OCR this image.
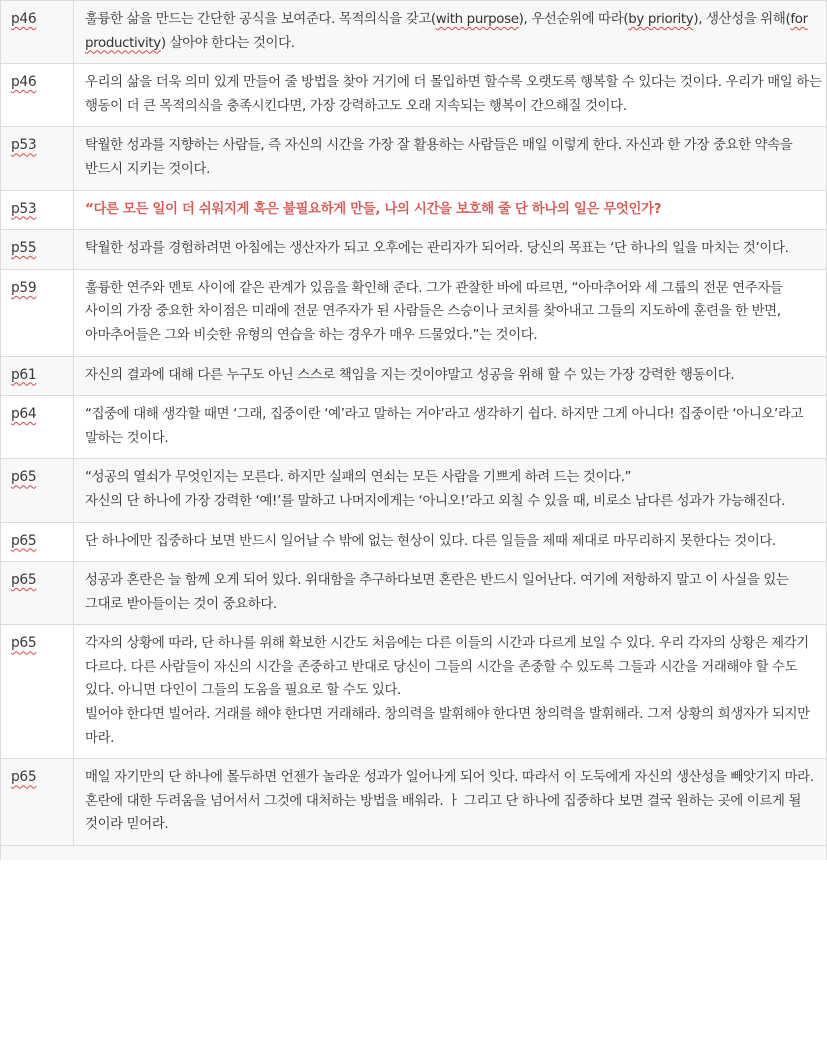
p46	훌륭한 삶을 만드는 간단한 공식을 보여준다. 목적의식을 갖고(with purpose), 우선순위에 따라(by priority), 생산성을 위해(for productivity) 살아야 한다는 것이다.
p46	우리의 삶을 더욱 의미 있게 만들어 줄 방법을 찾아 거기에 더 몰입하면 할수록 오랫도록 행복할 수 있다는 것이다. 우리가 매일 하는 행동이 더 큰 목적의식을 충족시킨다면, 가장 강력하고도 오래 지속되는 행복이 간으해질 것이다.
p53	탁월한 성과를 지향하는 사람들, 즉 자신의 시간을 가장 잘 활용하는 사람들은 매일 이렇게 한다. 자신과 한 가장 중요한 약속을 반드시 지키는 것이다.
p53	“다른 모든 일이 더 쉬워지게 혹은 불필요하게 만들, 나의 시간을 보호해 줄 단 하나의 일은 무엇인가?
p55	탁월한 성과를 경험하려면 아침에는 생산자가 되고 오후에는 관리자가 되어라. 당신의 목표는 ‘단 하나의 일을 마치는 것’이다.
p59	훌륭한 연주와 멘토 사이에 같은 관계가 있음을 확인해 준다. 그가 관찰한 바에 따르면, “아마추어와 세 그룹의 전문 연주자들 사이의 가장 중요한 차이점은 미래에 전문 연주자가 된 사람들은 스승이나 코치를 찾아내고 그들의 지도하에 훈련을 한 반면, 아마추어들은 그와 비슷한 유형의 연습을 하는 경우가 매우 드물었다.”는 것이다.
p61	자신의 결과에 대해 다른 누구도 아닌 스스로 책임을 지는 것이야말고 성공을 위해 할 수 있는 가장 강력한 행동이다.
p64	“집중에 대해 생각할 때면 ‘그래, 집중이란 ‘예’라고 말하는 거야’라고 생각하기 쉽다. 하지만 그게 아니다! 집중이란 ‘아니오’라고 말하는 것이다.
p65	“성공의 열쇠가 무엇인지는 모른다. 하지만 실패의 연쇠는 모든 사람을 기쁘게 하려 드는 것이다.”
자신의 단 하나에 가장 강력한 ‘예!’를 말하고 나머지에게는 ‘아니오!’라고 외칠 수 있을 때, 비로소 남다른 성과가 가능해진다.

p65	단 하나에만 집중하다 보면 반드시 일어날 수 밖에 없는 현상이 있다. 다른 일들을 제때 제대로 마무리하지 못한다는 것이다.
p65	성공과 혼란은 늘 함께 오게 되어 있다. 위대함을 추구하다보면 혼란은 반드시 일어난다. 여기에 저항하지 말고 이 사실을 있는 그대로 받아들이는 것이 중요하다.
p65	각자의 상황에 따라, 단 하나를 위해 확보한 시간도 처음에는 다른 이들의 시간과 다르게 보일 수 있다. 우리 각자의 상황은 제각기 다르다. 다른 사람들이 자신의 시간을 존중하고 반대로 당신이 그들의 시간을 존중할 수 있도록 그들과 시간을 거래해야 할 수도 있다. 아니면 다인이 그들의 도움을 필요로 할 수도 있다.
빌어야 한다면 빌어라. 거래를 해야 한다면 거래해라. 창의력을 발휘해야 한다면 창의력을 발휘해라. 그저 상황의 희생자가 되지만 마라.

p65	매일 자기만의 단 하나에 몰두하면 언젠가 놀라운 성과가 일어나게 되어 잇다. 따라서 이 도둑에게 자신의 생산성을 빼앗기지 마라. 혼란에 대한 두려움을 넘어서서 그것에 대처하는 방법을 배워라. ㅏ 그리고 단 하나에 집중하다 보면 결국 원하는 곳에 이르게 될 것이라 믿어라.
